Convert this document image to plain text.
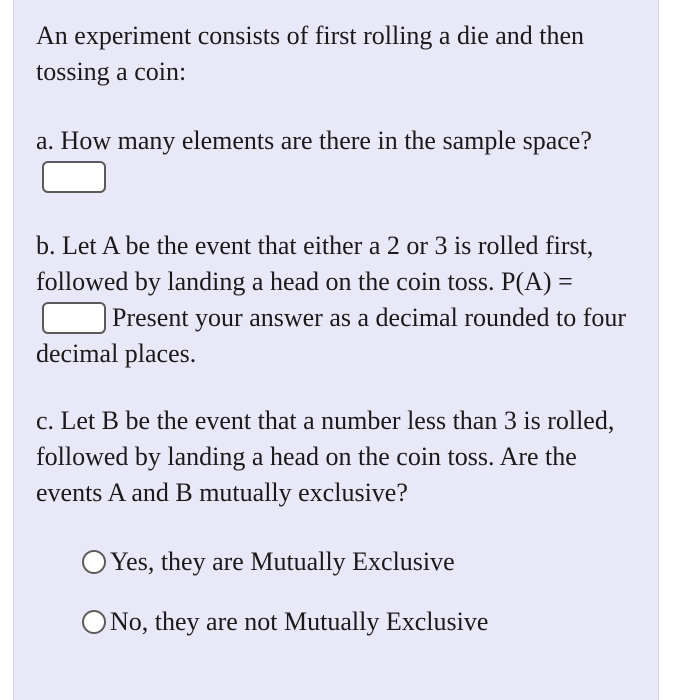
An experiment consists of first rolling a die and then tossing a coin:

a. How many elements are there in the sample space?

b. Let A be the event that either a 2 or 3 is rolled first, followed by landing a head on the coin toss. P(A) =Present your answer as a decimal rounded to four decimal places.

c. Let B be the event that a number less than 3 is rolled, followed by landing a head on the coin toss. Are the events A and B mutually exclusive?

Yes, they are Mutually Exclusive
No, they are not Mutually Exclusive
